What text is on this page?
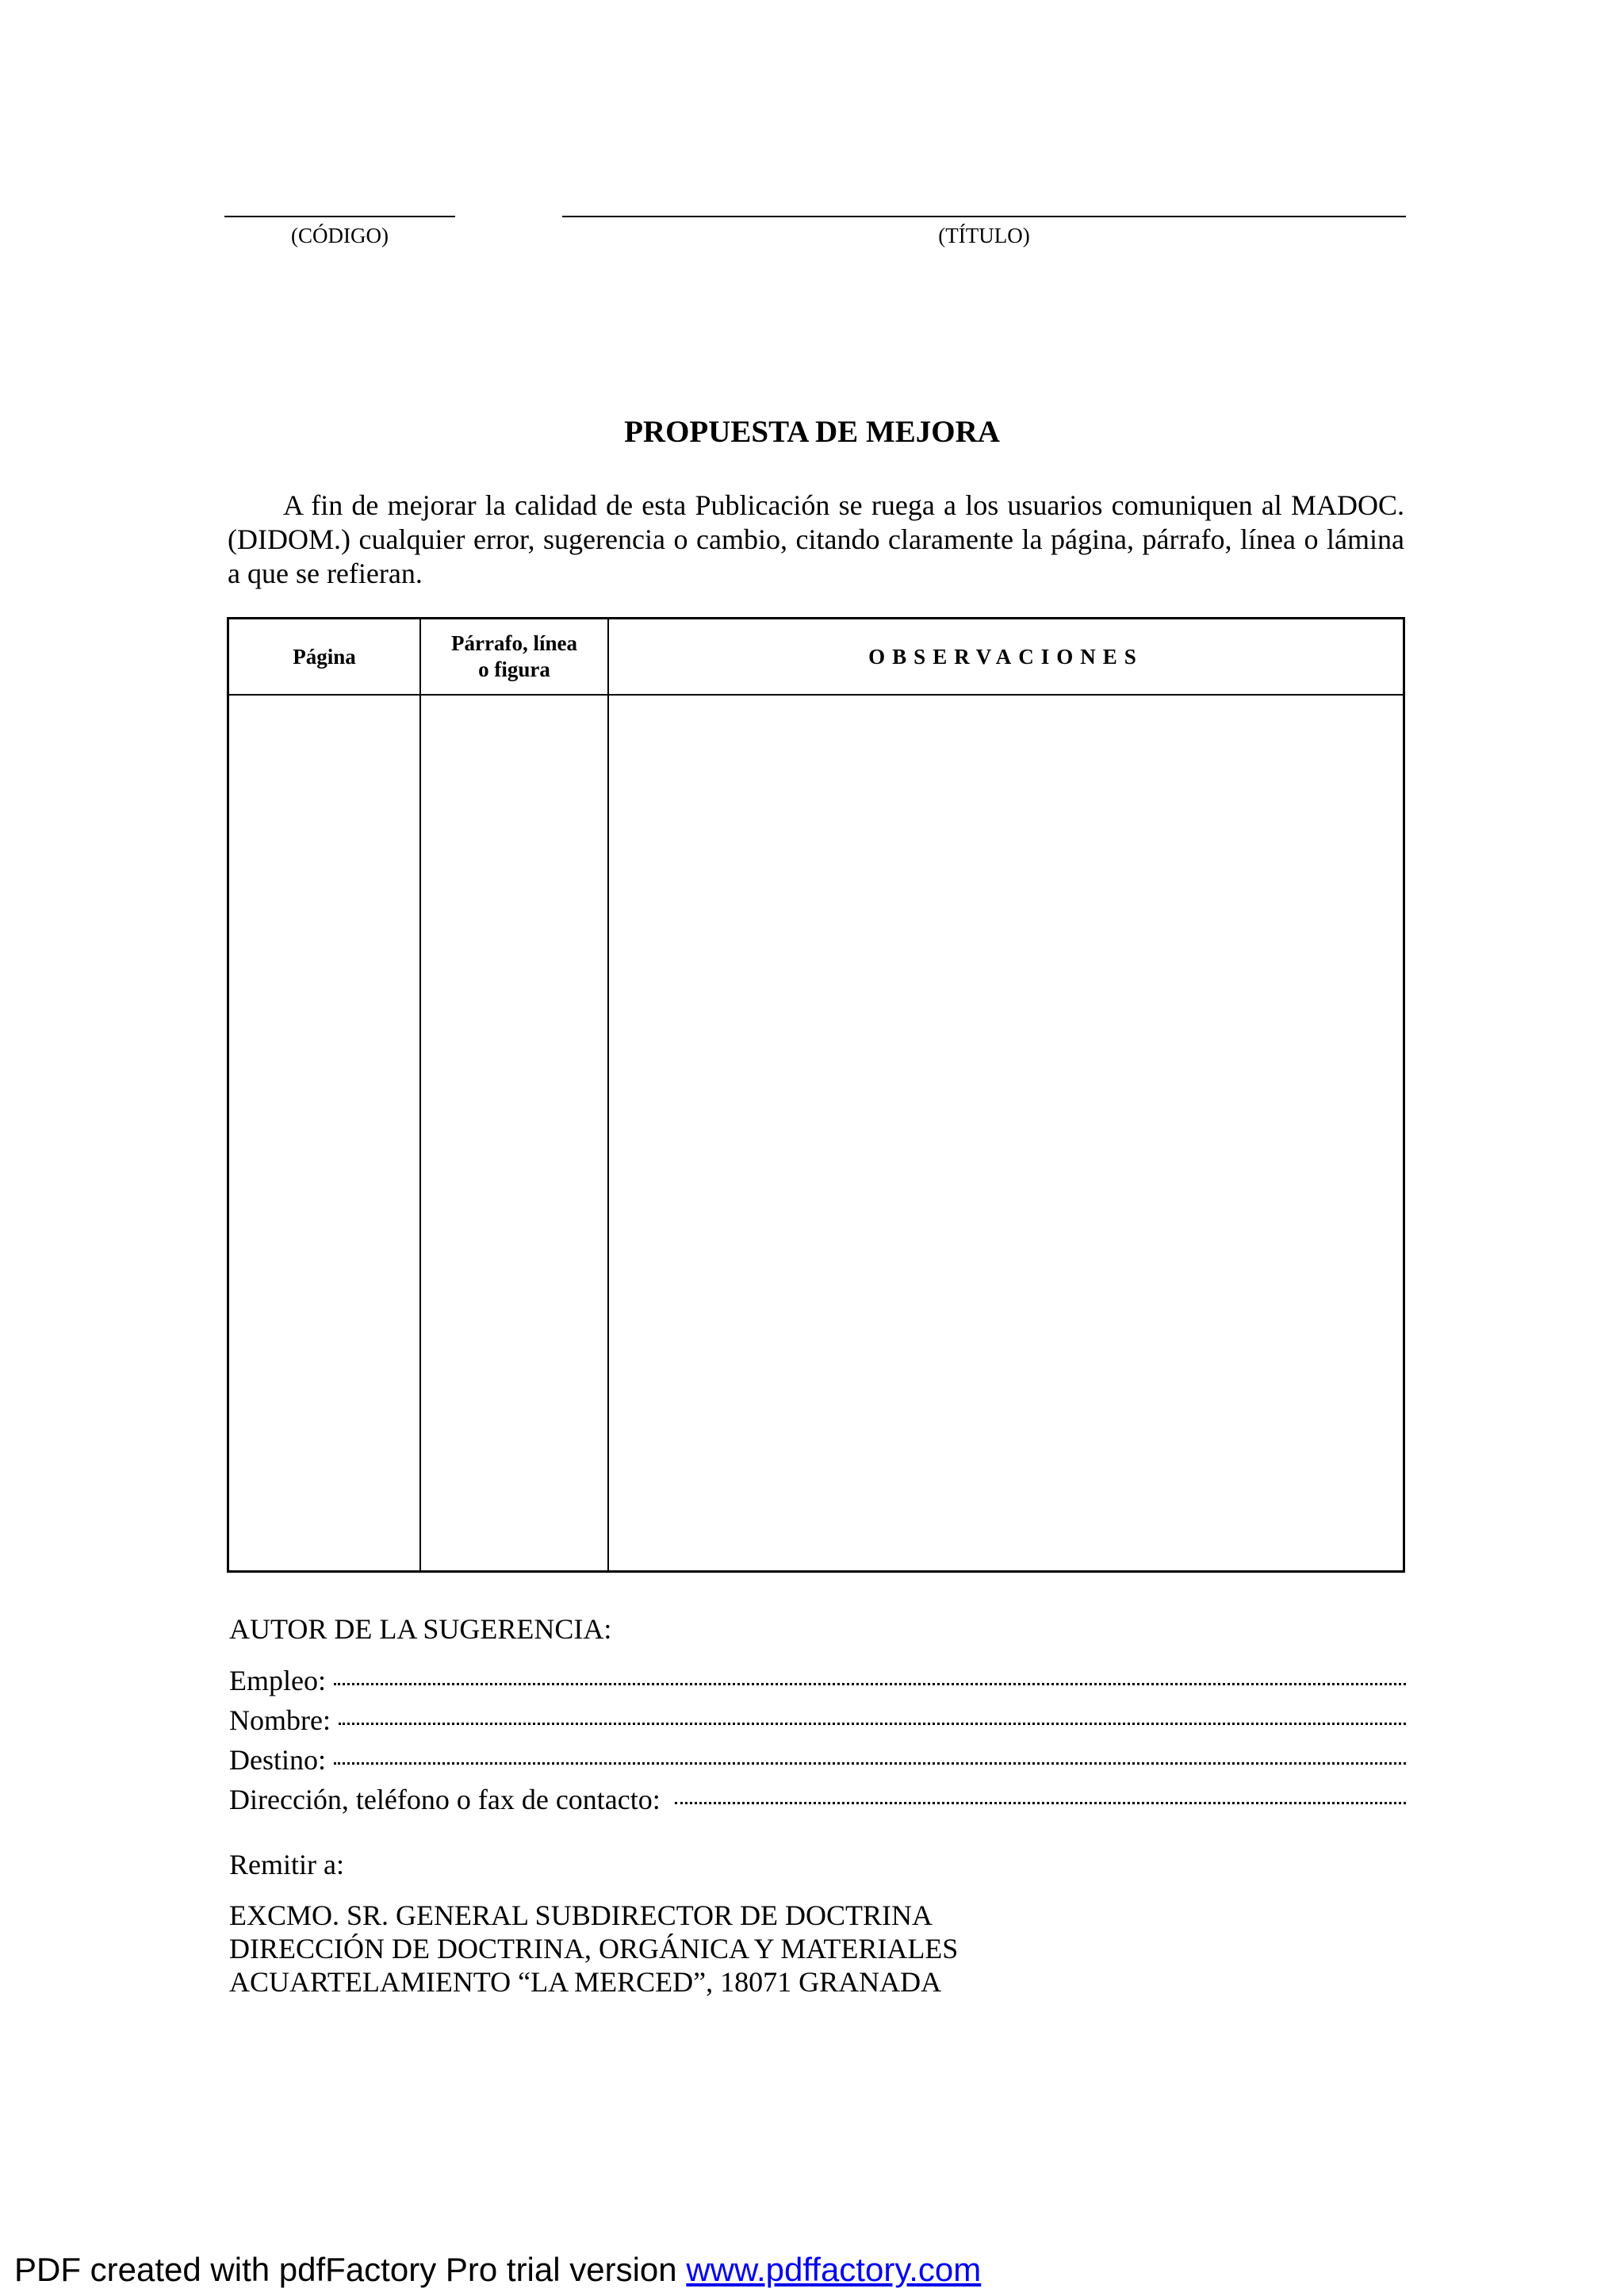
(CÓDIGO)	(TÍTULO)
PROPUESTA DE MEJORA

A fin de mejorar la calidad de esta Publicación se ruega a los usuarios comuniquen al MADOC. (DIDOM.) cualquier error, sugerencia o cambio, citando claramente la página, párrafo, línea o lámina a que se refieran.

Página
Párrafo, línea
o figura
OBSERVACIONES
AUTOR DE LA SUGERENCIA:
Empleo:
Nombre:
Destino:
Dirección, teléfono o fax de contacto:
Remitir a:
EXCMO. SR. GENERAL SUBDIRECTOR DE DOCTRINA
DIRECCIÓN DE DOCTRINA, ORGÁNICA Y MATERIALES
ACUARTELAMIENTO “LA MERCED”, 18071 GRANADA
PDF created with pdfFactory Pro trial version www.pdffactory.com
